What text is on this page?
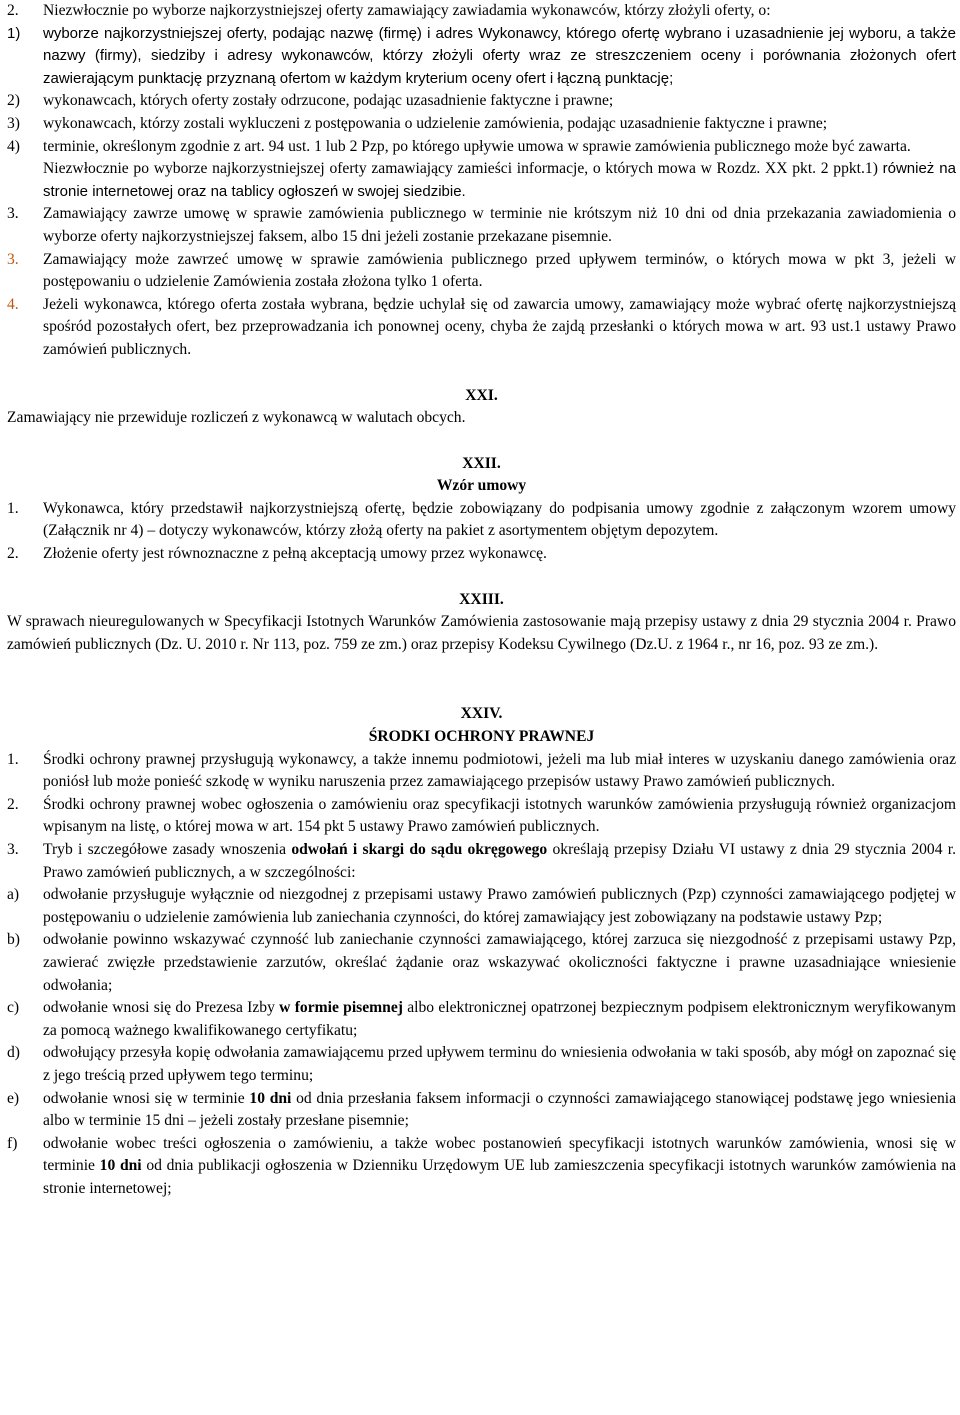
2.	Niezwłocznie po wyborze najkorzystniejszej oferty zamawiający zawiadamia wykonawców, którzy złożyli oferty, o:
1)	wyborze najkorzystniejszej oferty, podając nazwę (firmę) i adres Wykonawcy, którego ofertę wybrano i uzasadnienie jej wyboru, a także nazwy (firmy), siedziby i adresy wykonawców, którzy złożyli oferty wraz ze streszczeniem oceny i porównania złożonych ofert zawierającym punktację przyznaną ofertom w każdym kryterium oceny ofert i łączną punktację;
2)	wykonawcach, których oferty zostały odrzucone, podając uzasadnienie faktyczne i prawne;
3)	wykonawcach, którzy zostali wykluczeni z postępowania o udzielenie zamówienia, podając uzasadnienie faktyczne i prawne;
4)	terminie, określonym zgodnie z art. 94 ust. 1 lub 2 Pzp, po którego upływie umowa w sprawie zamówienia publicznego może być zawarta.
Niezwłocznie po wyborze najkorzystniejszej oferty zamawiający zamieści informacje, o których mowa w Rozdz. XX pkt. 2 ppkt.1) również na stronie internetowej oraz na tablicy ogłoszeń w swojej siedzibie.
3.	Zamawiający zawrze umowę w sprawie zamówienia publicznego w terminie nie krótszym niż 10 dni od dnia przekazania zawiadomienia o wyborze oferty najkorzystniejszej faksem, albo 15 dni jeżeli zostanie przekazane pisemnie.
3.	Zamawiający może zawrzeć umowę w sprawie zamówienia publicznego przed upływem terminów, o których mowa w pkt 3, jeżeli w postępowaniu o udzielenie Zamówienia została złożona tylko 1 oferta.
4.	Jeżeli wykonawca, którego oferta została wybrana, będzie uchylał się od zawarcia umowy, zamawiający może wybrać ofertę najkorzystniejszą spośród pozostałych ofert, bez przeprowadzania ich ponownej oceny, chyba że zajdą przesłanki o których mowa w art. 93 ust.1 ustawy Prawo zamówień publicznych.
XXI.
Zamawiający nie przewiduje rozliczeń z wykonawcą w walutach obcych.
XXII.
Wzór umowy
1.	Wykonawca, który przedstawił najkorzystniejszą ofertę, będzie zobowiązany do podpisania umowy zgodnie z załączonym wzorem umowy (Załącznik nr 4) – dotyczy wykonawców, którzy złożą oferty na pakiet z asortymentem objętym depozytem.
2.	Złożenie oferty jest równoznaczne z pełną akceptacją umowy przez wykonawcę.
XXIII.
W sprawach nieuregulowanych w Specyfikacji Istotnych Warunków Zamówienia zastosowanie mają przepisy ustawy z dnia 29 stycznia 2004 r. Prawo zamówień publicznych (Dz. U. 2010 r. Nr 113, poz. 759 ze zm.) oraz przepisy Kodeksu Cywilnego (Dz.U. z 1964 r., nr 16, poz. 93 ze zm.).
XXIV.
ŚRODKI OCHRONY PRAWNEJ
1.	Środki ochrony prawnej przysługują wykonawcy, a także innemu podmiotowi, jeżeli ma lub miał interes w uzyskaniu danego zamówienia oraz poniósł lub może ponieść szkodę w wyniku naruszenia przez zamawiającego przepisów ustawy Prawo zamówień publicznych.
2.	Środki ochrony prawnej wobec ogłoszenia o zamówieniu oraz specyfikacji istotnych warunków zamówienia przysługują również organizacjom wpisanym na listę, o której mowa w art. 154 pkt 5 ustawy Prawo zamówień publicznych.
3.	Tryb i szczegółowe zasady wnoszenia odwołań i skargi do sądu okręgowego określają przepisy Działu VI ustawy z dnia 29 stycznia 2004 r. Prawo zamówień publicznych, a w szczególności:
a)	odwołanie przysługuje wyłącznie od niezgodnej z przepisami ustawy Prawo zamówień publicznych (Pzp) czynności zamawiającego podjętej w postępowaniu o udzielenie zamówienia lub zaniechania czynności, do której zamawiający jest zobowiązany na podstawie ustawy Pzp;
b)	odwołanie powinno wskazywać czynność lub zaniechanie czynności zamawiającego, której zarzuca się niezgodność z przepisami ustawy Pzp, zawierać zwięzłe przedstawienie zarzutów, określać żądanie oraz wskazywać okoliczności faktyczne i prawne uzasadniające wniesienie odwołania;
c)	odwołanie wnosi się do Prezesa Izby w formie pisemnej albo elektronicznej opatrzonej bezpiecznym podpisem elektronicznym weryfikowanym za pomocą ważnego kwalifikowanego certyfikatu;
d)	odwołujący przesyła kopię odwołania zamawiającemu przed upływem terminu do wniesienia odwołania w taki sposób, aby mógł on zapoznać się z jego treścią przed upływem tego terminu;
e)	odwołanie wnosi się w terminie 10 dni od dnia przesłania faksem informacji o czynności zamawiającego stanowiącej podstawę jego wniesienia albo w terminie 15 dni – jeżeli zostały przesłane pisemnie;
f)	odwołanie wobec treści ogłoszenia o zamówieniu, a także wobec postanowień specyfikacji istotnych warunków zamówienia, wnosi się w terminie 10 dni od dnia publikacji ogłoszenia w Dzienniku Urzędowym UE lub zamieszczenia specyfikacji istotnych warunków zamówienia na stronie internetowej;
